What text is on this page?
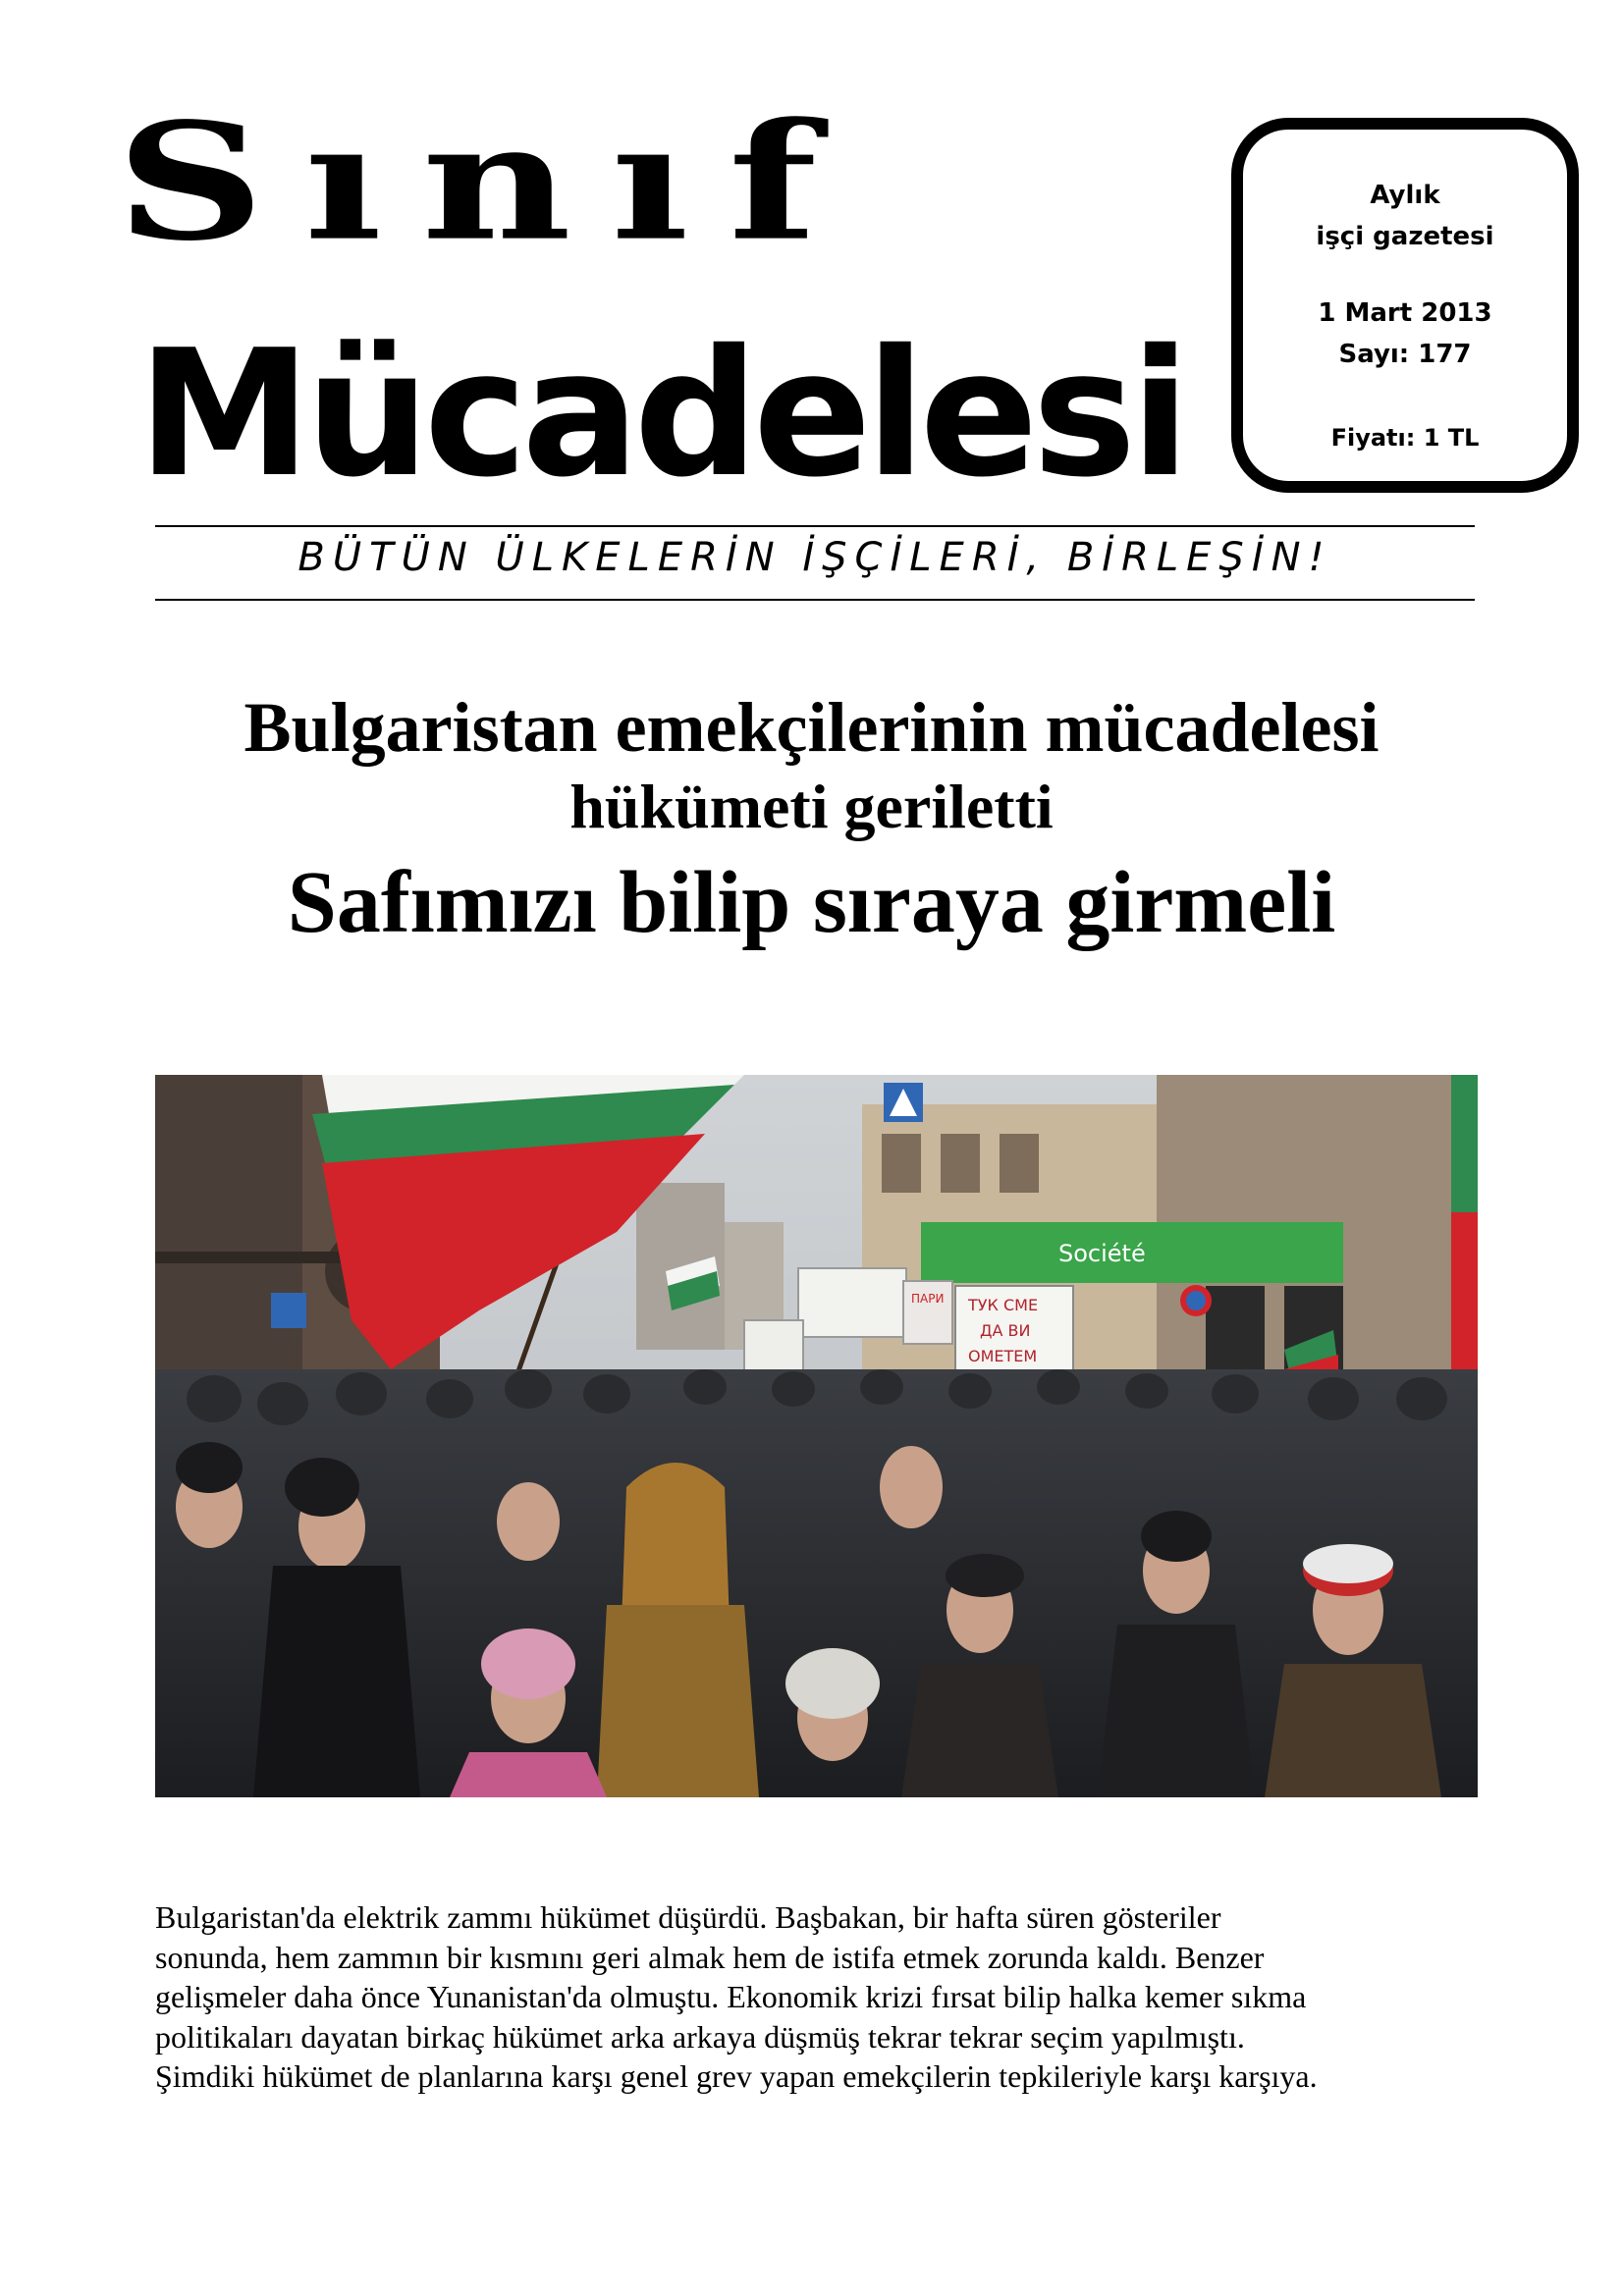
Sınıf
Mücadelesi
Aylık
işçi gazetesi
1 Mart 2013
Sayı: 177
Fiyatı: 1 TL
BÜTÜN ÜLKELERİN İŞÇİLERİ, BİRLEŞİN!
Bulgaristan emekçilerinin mücadelesi
hükümeti geriletti
Safımızı bilip sıraya girmeli
Société
ПАРИ ТУК СМЕ
ДА ВИ
ОМЕТЕМ
Bulgaristan'da elektrik zammı hükümet düşürdü. Başbakan, bir hafta süren gösteriler
sonunda, hem zammın bir kısmını geri almak hem de istifa etmek zorunda kaldı. Benzer
gelişmeler daha önce Yunanistan'da olmuştu. Ekonomik krizi fırsat bilip halka kemer sıkma
politikaları dayatan birkaç hükümet arka arkaya düşmüş tekrar tekrar seçim yapılmıştı.
Şimdiki hükümet de planlarına karşı genel grev yapan emekçilerin tepkileriyle karşı karşıya.
